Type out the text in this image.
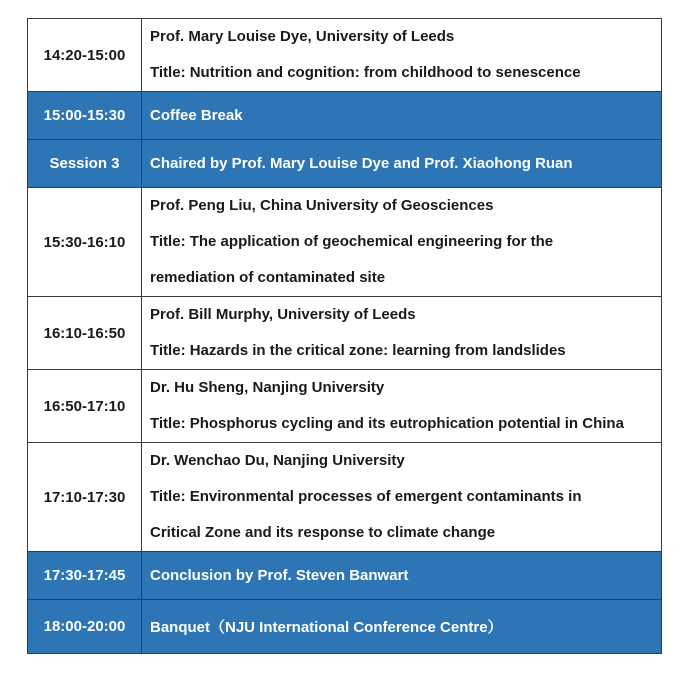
14:20-15:00	Prof. Mary Louise Dye, University of Leeds
Title: Nutrition and cognition: from childhood to senescence

15:00-15:30	Coffee Break
Session 3	Chaired by Prof. Mary Louise Dye and Prof. Xiaohong Ruan
15:30-16:10	Prof. Peng Liu, China University of Geosciences
Title: The application of geochemical engineering for the
remediation of contaminated site

16:10-16:50	Prof. Bill Murphy, University of Leeds
Title: Hazards in the critical zone: learning from landslides

16:50-17:10	Dr. Hu Sheng, Nanjing University
Title: Phosphorus cycling and its eutrophication potential in China

17:10-17:30	Dr. Wenchao Du, Nanjing University
Title: Environmental processes of emergent contaminants in
Critical Zone and its response to climate change

17:30-17:45	Conclusion by Prof. Steven Banwart
18:00-20:00	Banquet（NJU International Conference Centre）
